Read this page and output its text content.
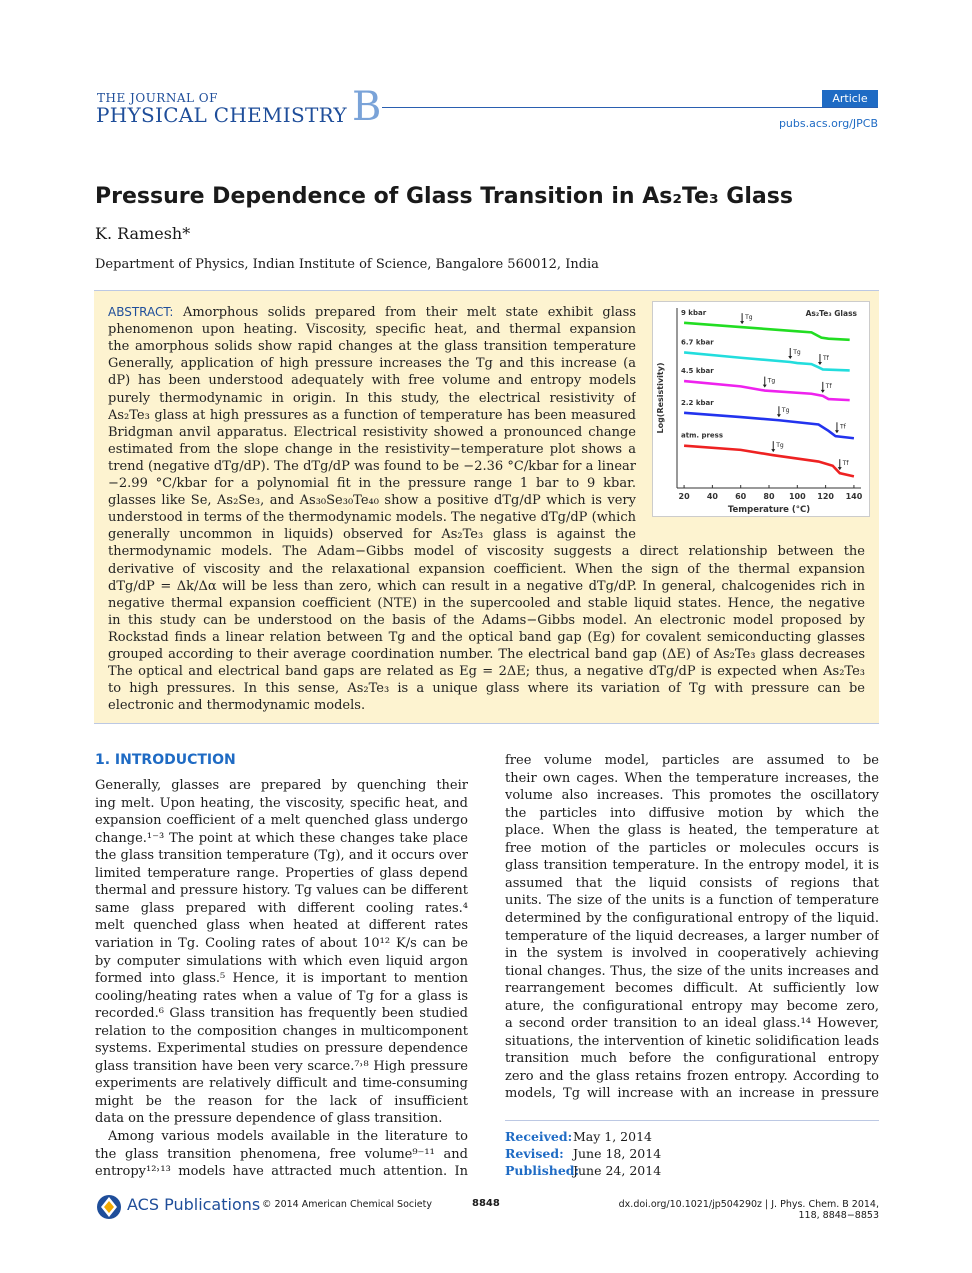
THE JOURNAL OF
PHYSICAL CHEMISTRY B	Article
pubs.acs.org/JPCB
Pressure Dependence of Glass Transition in As₂Te₃ Glass
K. Ramesh*
Department of Physics, Indian Institute of Science, Bangalore 560012, India
ABSTRACT: Amorphous solids prepared from their melt state exhibit glass
phenomenon upon heating. Viscosity, specific heat, and thermal expansion
the amorphous solids show rapid changes at the glass transition temperature
Generally, application of high pressure increases the Tg and this increase (a
dP) has been understood adequately with free volume and entropy models
purely thermodynamic in origin. In this study, the electrical resistivity of
As₂Te₃ glass at high pressures as a function of temperature has been measured
Bridgman anvil apparatus. Electrical resistivity showed a pronounced change
estimated from the slope change in the resistivity−temperature plot shows a
trend (negative dTg/dP). The dTg/dP was found to be −2.36 °C/kbar for a linear
−2.99 °C/kbar for a polynomial fit in the pressure range 1 bar to 9 kbar.
glasses like Se, As₂Se₃, and As₃₀Se₃₀Te₄₀ show a positive dTg/dP which is very
understood in terms of the thermodynamic models. The negative dTg/dP (which
generally uncommon in liquids) observed for As₂Te₃ glass is against the
thermodynamic models. The Adam−Gibbs model of viscosity suggests a direct relationship between the
derivative of viscosity and the relaxational expansion coefficient. When the sign of the thermal expansion
dTg/dP = Δk/Δα will be less than zero, which can result in a negative dTg/dP. In general, chalcogenides rich in
negative thermal expansion coefficient (NTE) in the supercooled and stable liquid states. Hence, the negative
in this study can be understood on the basis of the Adams−Gibbs model. An electronic model proposed by
Rockstad finds a linear relation between Tg and the optical band gap (Eg) for covalent semiconducting glasses
grouped according to their average coordination number. The electrical band gap (ΔE) of As₂Te₃ glass decreases
The optical and electrical band gaps are related as Eg = 2ΔE; thus, a negative dTg/dP is expected when As₂Te₃
to high pressures. In this sense, As₂Te₃ is a unique glass where its variation of Tg with pressure can be
electronic and thermodynamic models.
20 40 60 80 100 120 140
Temperature (°C)
Log(Resistivity)
As₂Te₃ Glass
9 kbar
Tg
6.7 kbar
Tg
Tf
4.5 kbar
Tg
Tf
2.2 kbar
Tg
Tf
atm. press
Tg
Tf
1. INTRODUCTION
Generally, glasses are prepared by quenching their
ing melt. Upon heating, the viscosity, specific heat, and
expansion coefficient of a melt quenched glass undergo
change.¹⁻³ The point at which these changes take place
the glass transition temperature (Tg), and it occurs over
limited temperature range. Properties of glass depend
thermal and pressure history. Tg values can be different
same glass prepared with different cooling rates.⁴
melt quenched glass when heated at different rates
variation in Tg. Cooling rates of about 10¹² K/s can be
by computer simulations with which even liquid argon
formed into glass.⁵ Hence, it is important to mention
cooling/heating rates when a value of Tg for a glass is
recorded.⁶ Glass transition has frequently been studied
relation to the composition changes in multicomponent
systems. Experimental studies on pressure dependence
glass transition have been very scarce.⁷˒⁸ High pressure
experiments are relatively difficult and time-consuming
might be the reason for the lack of insufficient
data on the pressure dependence of glass transition.
Among various models available in the literature to
the glass transition phenomena, free volume⁹⁻¹¹ and
entropy¹²˒¹³ models have attracted much attention. In
free volume model, particles are assumed to be
their own cages. When the temperature increases, the
volume also increases. This promotes the oscillatory
the particles into diffusive motion by which the
place. When the glass is heated, the temperature at
free motion of the particles or molecules occurs is
glass transition temperature. In the entropy model, it is
assumed that the liquid consists of regions that
units. The size of the units is a function of temperature
determined by the configurational entropy of the liquid.
temperature of the liquid decreases, a larger number of
in the system is involved in cooperatively achieving
tional changes. Thus, the size of the units increases and
rearrangement becomes difficult. At sufficiently low
ature, the configurational entropy may become zero,
a second order transition to an ideal glass.¹⁴ However,
situations, the intervention of kinetic solidification leads
transition much before the configurational entropy
zero and the glass retains frozen entropy. According to
models, Tg will increase with an increase in pressure
Received: May 1, 2014
Revised: June 18, 2014
Published:
June 24, 2014
ACS Publications © 2014 American Chemical Society	8848	dx.doi.org/10.1021/jp504290z | J. Phys. Chem. B 2014, 118, 8848−8853
